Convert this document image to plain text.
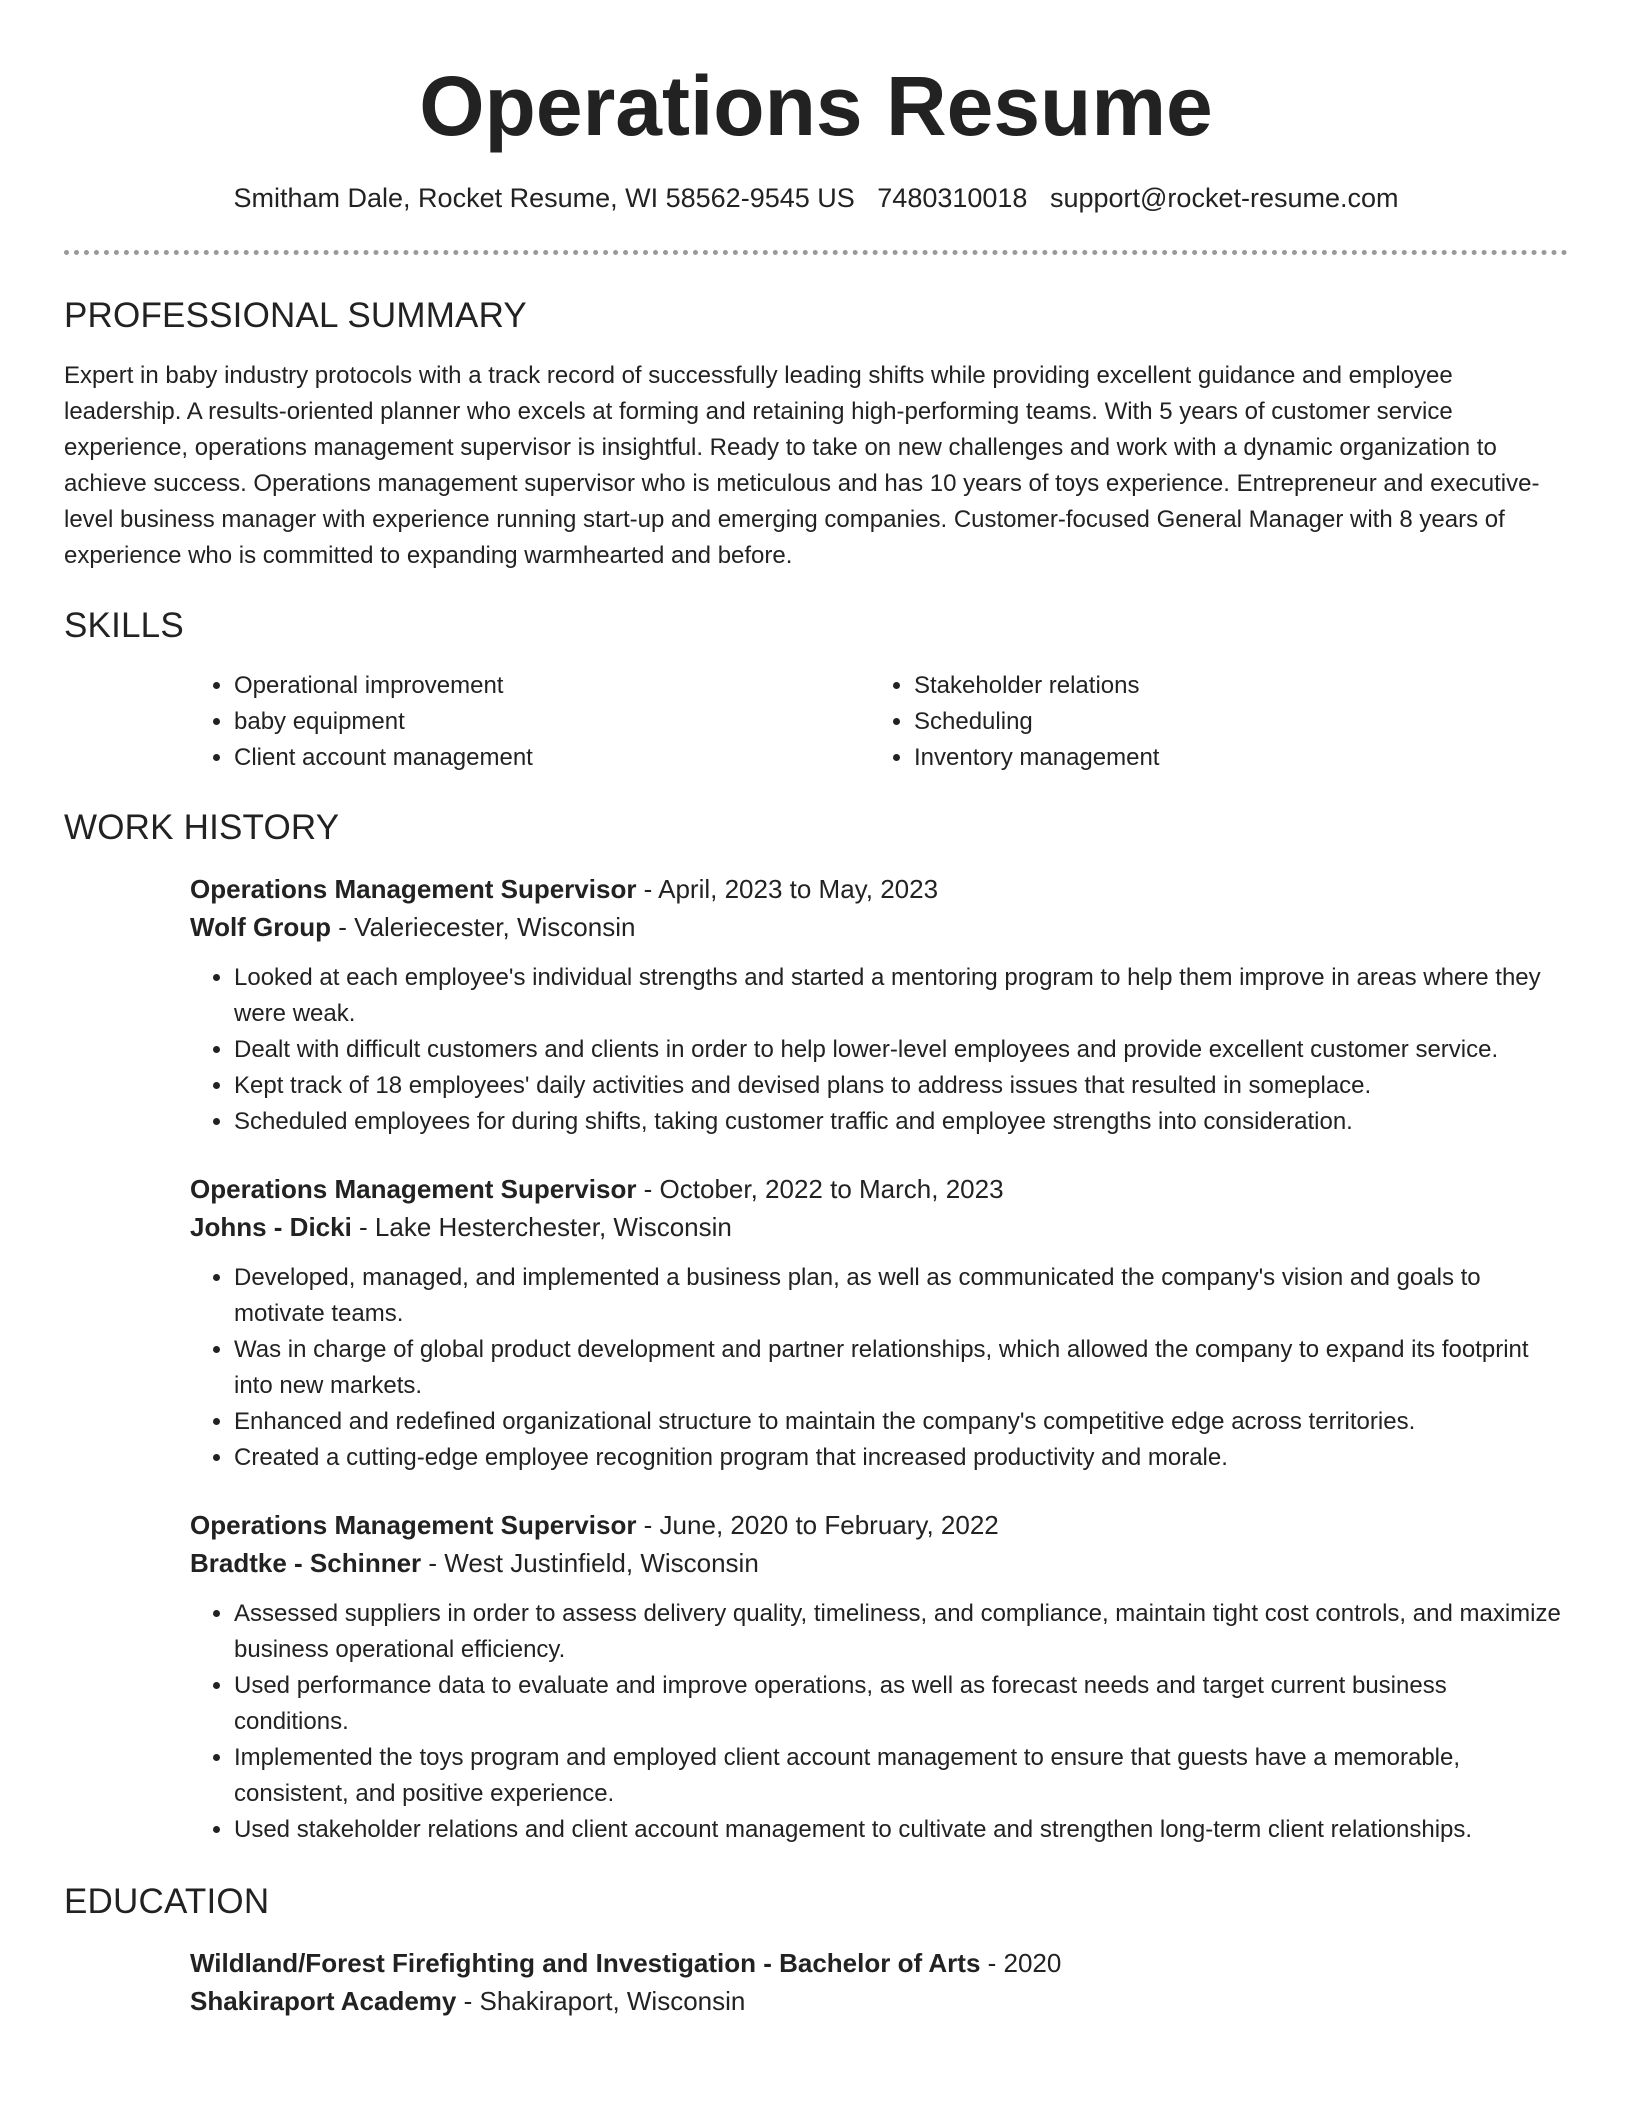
Operations Resume
Smitham Dale, Rocket Resume, WI 58562-9545 US 7480310018 support@rocket-resume.com
PROFESSIONAL SUMMARY

Expert in baby industry protocols with a track record of successfully leading shifts while providing excellent guidance and employee leadership. A results-oriented planner who excels at forming and retaining high-performing teams. With 5 years of customer service experience, operations management supervisor is insightful. Ready to take on new challenges and work with a dynamic organization to achieve success. Operations management supervisor who is meticulous and has 10 years of toys experience. Entrepreneur and executive-level business manager with experience running start-up and emerging companies. Customer-focused General Manager with 8 years of experience who is committed to expanding warmhearted and before.

SKILLS
• Operational improvement
• baby equipment
• Client account management
• Stakeholder relations
• Scheduling
• Inventory management
WORK HISTORY
Operations Management Supervisor - April, 2023 to May, 2023
Wolf Group - Valeriecester, Wisconsin
• Looked at each employee's individual strengths and started a mentoring program to help them improve in areas where they were weak.
• Dealt with difficult customers and clients in order to help lower-level employees and provide excellent customer service.
• Kept track of 18 employees' daily activities and devised plans to address issues that resulted in someplace.
• Scheduled employees for during shifts, taking customer traffic and employee strengths into consideration.
Operations Management Supervisor - October, 2022 to March, 2023
Johns - Dicki - Lake Hesterchester, Wisconsin
• Developed, managed, and implemented a business plan, as well as communicated the company's vision and goals to motivate teams.
• Was in charge of global product development and partner relationships, which allowed the company to expand its footprint into new markets.
• Enhanced and redefined organizational structure to maintain the company's competitive edge across territories.
• Created a cutting-edge employee recognition program that increased productivity and morale.
Operations Management Supervisor - June, 2020 to February, 2022
Bradtke - Schinner - West Justinfield, Wisconsin
• Assessed suppliers in order to assess delivery quality, timeliness, and compliance, maintain tight cost controls, and maximize business operational efficiency.
• Used performance data to evaluate and improve operations, as well as forecast needs and target current business conditions.
• Implemented the toys program and employed client account management to ensure that guests have a memorable, consistent, and positive experience.
• Used stakeholder relations and client account management to cultivate and strengthen long-term client relationships.
EDUCATION
Wildland/Forest Firefighting and Investigation - Bachelor of Arts - 2020
Shakiraport Academy - Shakiraport, Wisconsin
